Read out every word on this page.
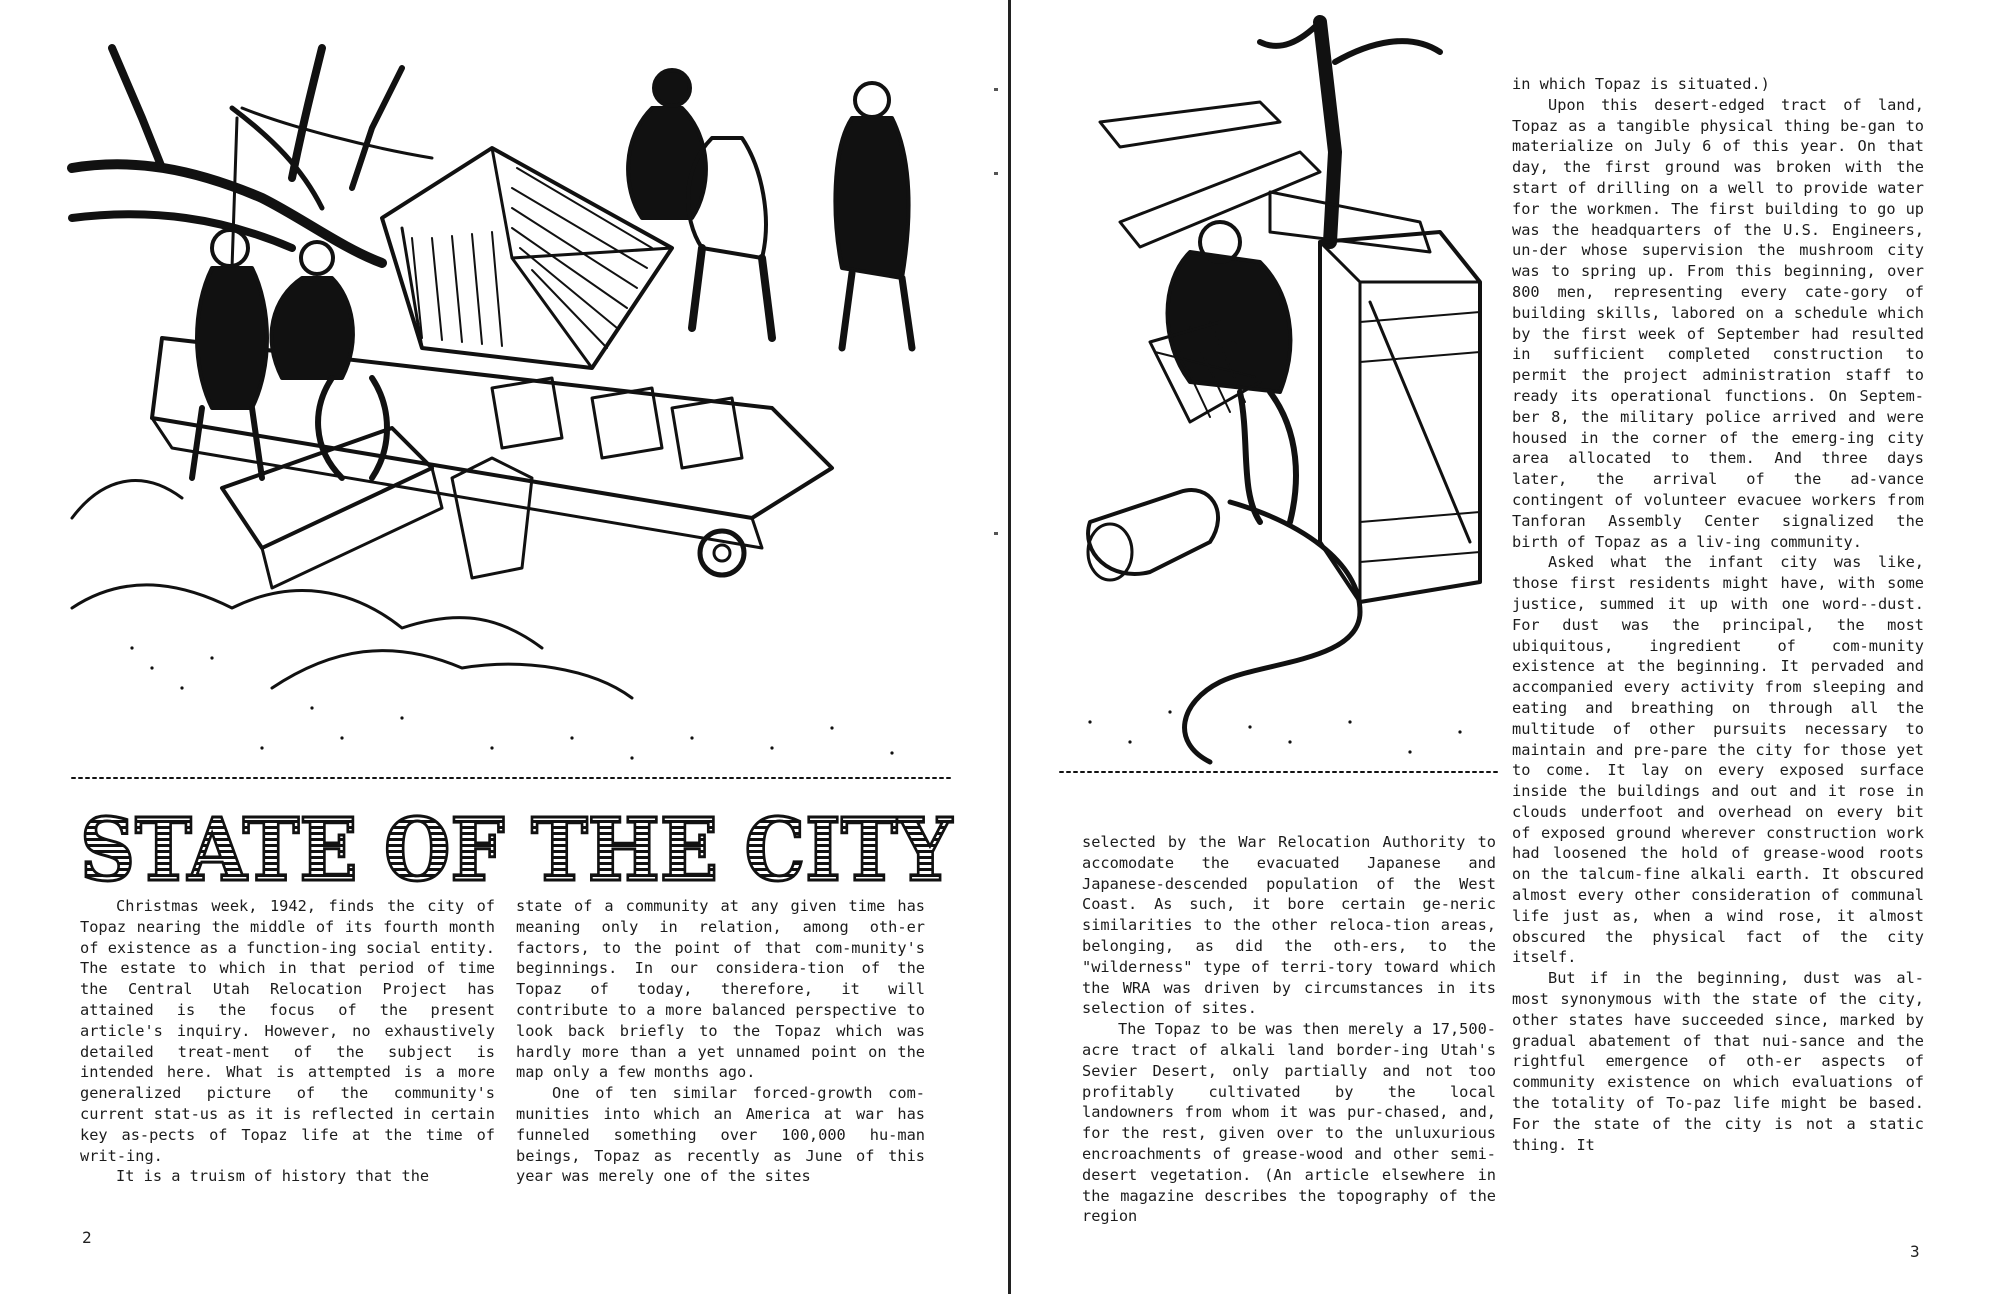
STATE OF THE CITY

Christmas week, 1942, finds the city of Topaz nearing the middle of its fourth month of existence as a function-ing social entity. The estate to which in that period of time the Central Utah Relocation Project has attained is the focus of the present article's inquiry. However, no exhaustively detailed treat-ment of the subject is intended here. What is attempted is a more generalized picture of the community's current stat-us as it is reflected in certain key as-pects of Topaz life at the time of writ-ing.

It is a truism of history that the

state of a community at any given time has meaning only in relation, among oth-er factors, to the point of that com-munity's beginnings. In our considera-tion of the Topaz of today, therefore, it will contribute to a more balanced perspective to look back briefly to the Topaz which was hardly more than a yet unnamed point on the map only a few months ago.

One of ten similar forced-growth com-munities into which an America at war has funneled something over 100,000 hu-man beings, Topaz as recently as June of this year was merely one of the sites

2

selected by the War Relocation Authority to accomodate the evacuated Japanese and Japanese-descended population of the West Coast. As such, it bore certain ge-neric similarities to the other reloca-tion areas, belonging, as did the oth-ers, to the "wilderness" type of terri-tory toward which the WRA was driven by circumstances in its selection of sites.

The Topaz to be was then merely a 17,500-acre tract of alkali land border-ing Utah's Sevier Desert, only partially and not too profitably cultivated by the local landowners from whom it was pur-chased, and, for the rest, given over to the unluxurious encroachments of grease-wood and other semi-desert vegetation. (An article elsewhere in the magazine describes the topography of the region

in which Topaz is situated.)

Upon this desert-edged tract of land, Topaz as a tangible physical thing be-gan to materialize on July 6 of this year. On that day, the first ground was broken with the start of drilling on a well to provide water for the workmen. The first building to go up was the headquarters of the U.S. Engineers, un-der whose supervision the mushroom city was to spring up. From this beginning, over 800 men, representing every cate-gory of building skills, labored on a schedule which by the first week of September had resulted in sufficient completed construction to permit the project administration staff to ready its operational functions. On Septem-ber 8, the military police arrived and were housed in the corner of the emerg-ing city area allocated to them. And three days later, the arrival of the ad-vance contingent of volunteer evacuee workers from Tanforan Assembly Center signalized the birth of Topaz as a liv-ing community.

Asked what the infant city was like, those first residents might have, with some justice, summed it up with one word--dust. For dust was the principal, the most ubiquitous, ingredient of com-munity existence at the beginning. It pervaded and accompanied every activity from sleeping and eating and breathing on through all the multitude of other pursuits necessary to maintain and pre-pare the city for those yet to come. It lay on every exposed surface inside the buildings and out and it rose in clouds underfoot and overhead on every bit of exposed ground wherever construction work had loosened the hold of grease-wood roots on the talcum-fine alkali earth. It obscured almost every other consideration of communal life just as, when a wind rose, it almost obscured the physical fact of the city itself.

But if in the beginning, dust was al-most synonymous with the state of the city, other states have succeeded since, marked by gradual abatement of that nui-sance and the rightful emergence of oth-er aspects of community existence on which evaluations of the totality of To-paz life might be based. For the state of the city is not a static thing. It

3
